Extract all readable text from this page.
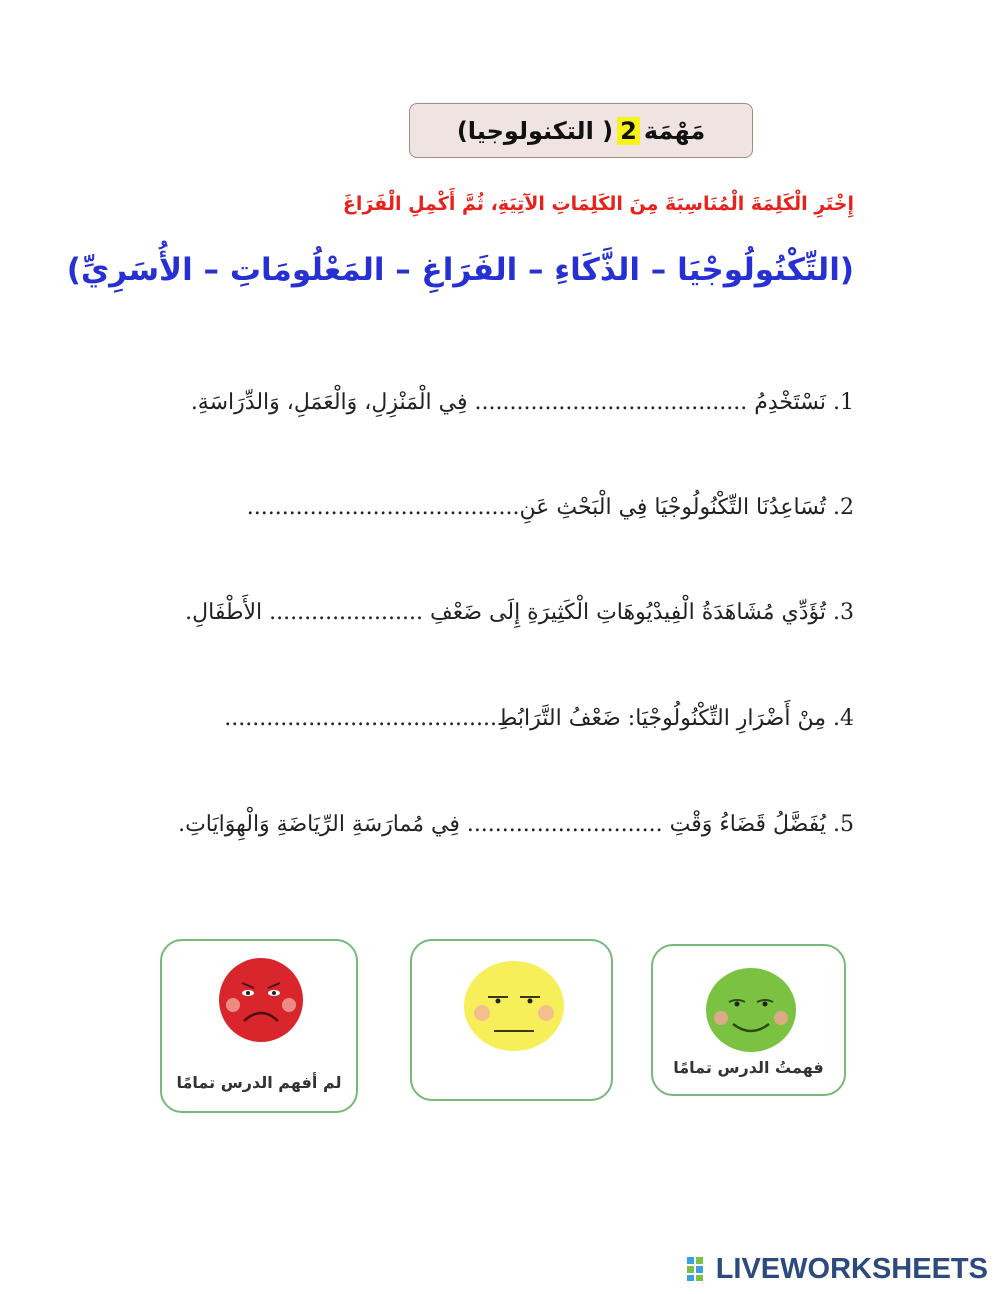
مَهْمَة
2
( التكنولوجيا)
إِخْتَرِ الْكَلِمَةَ الْمُنَاسِبَةَ مِنَ الكَلِمَاتِ الآتِيَةِ، ثُمَّ أَكْمِلِ الْفَرَاغَ
(التِّكْنُولُوجْيَا – الذَّكَاءِ – الفَرَاغِ – المَعْلُومَاتِ – الأُسَرِيِّ)
1. نَسْتَخْدِمُ ....................................... فِي الْمَنْزِلِ، وَالْعَمَلِ، وَالدِّرَاسَةِ.
2. تُسَاعِدُنَا التِّكْنُولُوجْيَا فِي الْبَحْثِ عَنِ.......................................
3. تُؤَدِّي مُشَاهَدَةُ الْفِيدْيُوهَاتِ الْكَثِيرَةِ إِلَى ضَعْفِ ...................... الأَطْفَالِ.
4. مِنْ أَضْرَارِ التِّكْنُولُوجْيَا: ضَعْفُ التَّرَابُطِ.......................................
5. يُفَضَّلُ قَضَاءُ وَقْتِ ............................ فِي مُمارَسَةِ الرِّيَاضَةِ وَالْهِوَايَاتِ.
لم أفهم الدرس تمامًا
فهمتُ الدرس تمامًا
LIVEWORKSHEETS
